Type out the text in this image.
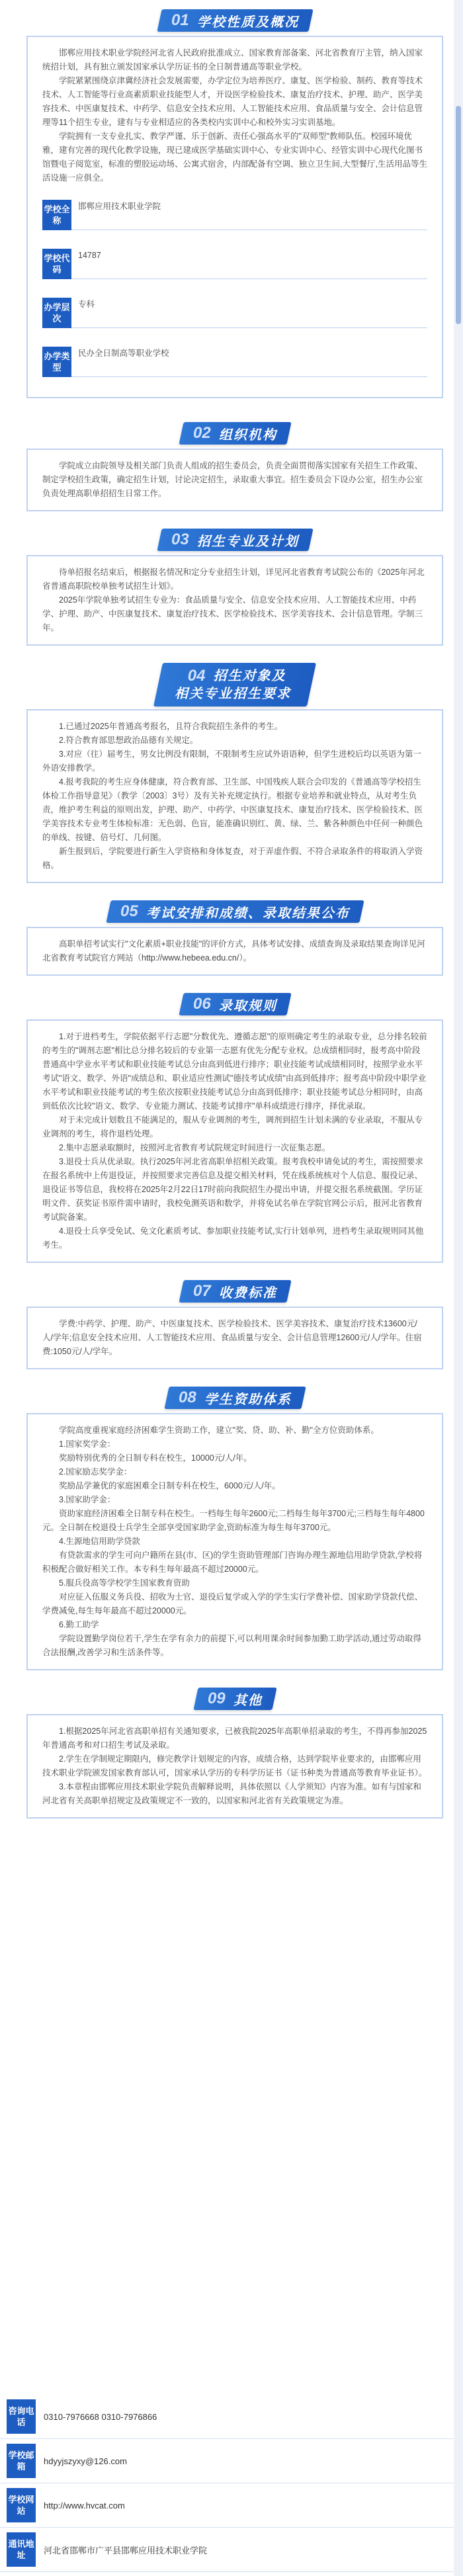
01 学校性质及概况

邯郸应用技术职业学院经河北省人民政府批准成立、国家教育部备案、河北省教育厅主管，纳入国家统招计划，具有独立颁发国家承认学历证书的全日制普通高等职业学校。

学院紧紧围绕京津冀经济社会发展需要，办学定位为培养医疗、康复、医学检验、制药、教育等技术技术、人工智能等行业高素质职业技能型人才，开设医学检验技术、康复治疗技术、护理、助产、医学美容技术、中医康复技术、中药学、信息安全技术应用、人工智能技术应用、食品质量与安全、会计信息管理等11个招生专业，建有与专业相适应的各类校内实训中心和校外实习实训基地。

学院拥有一支专业扎实、教学严谨、乐于创新、责任心强高水平的"双师型"教师队伍。校园环境优雅，建有完善的现代化教学设施，现已建成医学基础实训中心、专业实训中心、经管实训中心现代化图书馆暨电子阅览室，标准的塑胶运动场、公寓式宿舍，内部配备有空调、独立卫生间,大型餐厅,生活用品等生活设施一应俱全。

学校全称
邯郸应用技术职业学院
学校代码
14787
办学层次
专科
办学类型
民办全日制高等职业学校
02 组织机构

学院成立由院领导及相关部门负责人组成的招生委员会，负责全面贯彻落实国家有关招生工作政策、制定学校招生政策，确定招生计划，讨论决定招生，录取重大事宜。招生委员会下设办公室，招生办公室负责处理高职单招招生日常工作。

03 招生专业及计划

待单招报名结束后，根据报名情况和定分专业招生计划，详见河北省教育考试院公布的《2025年河北省普通高职院校单独考试招生计划》。

2025年学院单独考试招生专业为：食品质量与安全、信息安全技术应用、人工智能技术应用、中药学、护理、助产、中医康复技术、康复治疗技术、医学检验技术、医学美容技术、会计信息管理。学制三年。

04 招生对象及
相关专业招生要求

1.已通过2025年普通高考报名，且符合我院招生条件的考生。

2.符合教育部思想政治品德有关规定。

3.对应（往）届考生，男女比例没有限制，不限制考生应试外语语种，但学生进校后均以英语为第一外语安排教学。

4.报考我院的考生应身体健康，符合教育部、卫生部、中国残疾人联合会印发的《普通高等学校招生体检工作指导意见》（教学〔2003〕3号）及有关补充规定执行。根据专业培养和就业特点，从对考生负责，维护考生利益的原则出发，护理、助产、中药学、中医康复技术、康复治疗技术、医学检验技术、医学美容技术专业考生体检标准：无色弱、色盲，能准确识别红、黄、绿、兰、紫各种颜色中任何一种颜色的单线、按键、倍号灯、几何图。

新生报到后，学院要进行新生入学资格和身体复查，对于弄虚作假、不符合录取条件的将取消入学资格。

05 考试安排和成绩、录取结果公布

高职单招考试实行"文化素质+职业技能"的评价方式，具体考试安排、成绩查询及录取结果查询详见河北省教育考试院官方网站（http://www.hebeea.edu.cn/）。

06 录取规则

1.对于进档考生，学院依据平行志愿"分数优先、遵循志愿"的原则确定考生的录取专业，总分排名较前的考生的"调剂志愿"相比总分排名较后的专业第一志愿有优先分配专业权。总成绩相同时，报考高中阶段普通高中学业水平考试和职业技能考试总分由高到低进行排序；职业技能考试成绩相同时，按照学业水平考试"语文、数学、外语"成绩总和、职业适应性测试"德技考试成绩"由高到低排序；报考高中阶段中职学业水平考试和职业技能考试的考生依次按职业技能考试总分由高到低排序；职业技能考试总分相同时，由高到低依次比较"语文、数学、专业能力测试、技能考试排序"单科成绩进行排序，择优录取。

对于未完成计划数且不能满足的，服从专业调剂的考生，调剂到招生计划未满的专业录取，不服从专业调剂的考生，将作退档处理。

2.集中志愿录取额时，按照河北省教育考试院规定时间进行一次征集志愿。

3.退役士兵从优录取。执行2025年河北省高职单招相关政策。报考我校申请免试的考生，需按照要求在报名系统中上传退役证，并按照要求完善信息及提交相关材料，凭在线系统核对个人信息、服役记录、退役证书等信息，我校将在2025年2月22日17时前向我院招生办提出申请，并提交报名系统截图。学历证明文件、获奖证书原件需申请时，我校免测英语和数学，并将免试名单在学院官网公示后，报河北省教育考试院备案。

4.退役士兵享受免试、免文化素质考试、参加职业技能考试,实行计划单列，进档考生录取规则同其他考生。

07 收费标准

学费:中药学、护理、助产、中医康复技术、医学检验技术、医学美容技术、康复治疗技术13600元/人/学年;信息安全技术应用、人工智能技术应用、食品质量与安全、会计信息管理12600元/人/学年。住宿费:1050元/人/学年。

08 学生资助体系

学院高度重视家庭经济困难学生资助工作，建立"奖、贷、助、补、勤"全方位资助体系。

1.国家奖学金：

奖励特别优秀的全日制专科在校生，10000元/人/年。

2.国家励志奖学金：

奖励品学兼优的家庭困难全日制专科在校生，6000元/人/年。

3.国家助学金：

资助家庭经济困难全日制专科在校生。一档每生每年2600元;二档每生每年3700元;三档每生每年4800元。全日制在校退役士兵学生全部享受国家助学金,资助标准为每生每年3700元。

4.生源地信用助学贷款

有贷款需求的学生可向户籍所在县(市、区)的学生资助管理部门咨询办理生源地信用助学贷款,学校将积极配合做好相关工作。本专科生每年最高不超过20000元。

5.服兵役高等学校学生国家教育资助

对应征入伍服义务兵役、招收为士官、退役后复学或入学的学生实行学费补偿、国家助学贷款代偿、学费减免,每生每年最高不超过20000元。

6.勤工助学

学院设置勤学岗位若干,学生在学有余力的前提下,可以利用课余时间参加勤工助学活动,通过劳动取得合法报酬,改善学习和生活条件等。

09 其他

1.根据2025年河北省高职单招有关通知要求，已被我院2025年高职单招录取的考生，不得再参加2025年普通高考和对口招生考试及录取。

2.学生在学制规定期限内，修完教学计划规定的内容，成绩合格，达到学院毕业要求的，由邯郸应用技术职业学院颁发国家教育部认可，国家承认学历的专科学历证书（证书种类为普通高等教育毕业证书）。

3.本章程由邯郸应用技术职业学院负责解释说明，具体依照以《人学须知》内容为准。如有与国家和河北省有关高职单招规定及政策规定不一致的，以国家和河北省有关政策规定为准。

咨询电话
0310-7976668 0310-7976866
学校邮箱
hdyyjszyxy@126.com
学校网站
http://www.hvcat.com
通讯地址	河北省邯郸市广平县邯郸应用技术职业学院
